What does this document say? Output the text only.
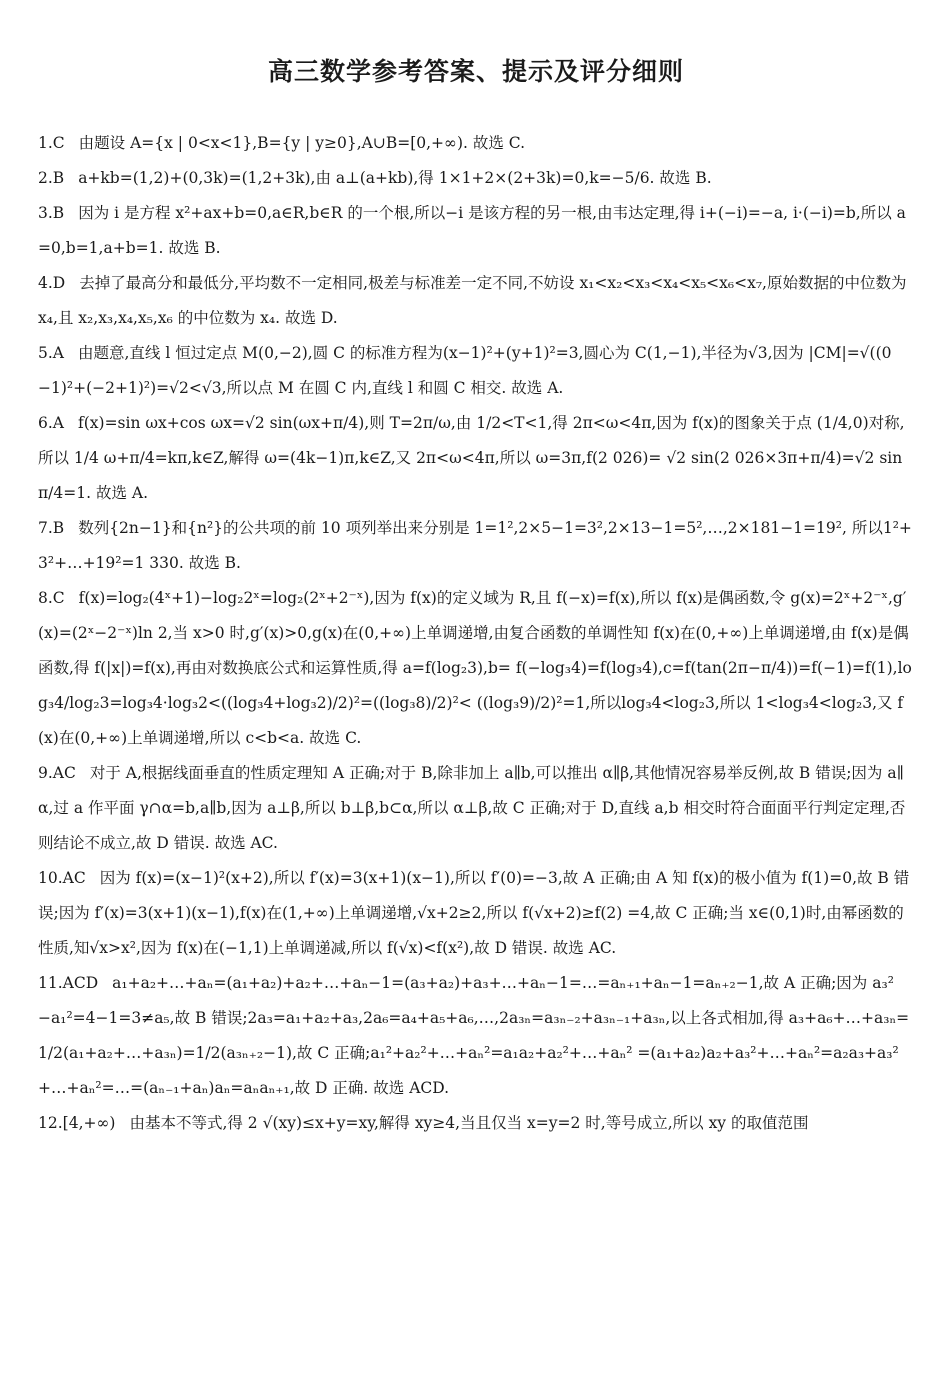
高三数学参考答案、提示及评分细则
1.C 由题设 A={x | 0<x<1},B={y | y≥0},A∪B=[0,+∞). 故选 C.
2.B a+kb=(1,2)+(0,3k)=(1,2+3k),由 a⊥(a+kb),得 1×1+2×(2+3k)=0,k=−5/6. 故选 B.
3.B 因为 i 是方程 x²+ax+b=0,a∈R,b∈R 的一个根,所以−i 是该方程的另一根,由韦达定理,得 i+(−i)=−a, i·(−i)=b,所以 a=0,b=1,a+b=1. 故选 B.
4.D 去掉了最高分和最低分,平均数不一定相同,极差与标准差一定不同,不妨设 x₁<x₂<x₃<x₄<x₅<x₆<x₇,原始数据的中位数为 x₄,且 x₂,x₃,x₄,x₅,x₆ 的中位数为 x₄. 故选 D.
5.A 由题意,直线 l 恒过定点 M(0,−2),圆 C 的标准方程为(x−1)²+(y+1)²=3,圆心为 C(1,−1),半径为√3,因为 |CM|=√((0−1)²+(−2+1)²)=√2<√3,所以点 M 在圆 C 内,直线 l 和圆 C 相交. 故选 A.
6.A f(x)=sin ωx+cos ωx=√2 sin(ωx+π/4),则 T=2π/ω,由 1/2<T<1,得 2π<ω<4π,因为 f(x)的图象关于点 (1/4,0)对称,所以 1/4 ω+π/4=kπ,k∈Z,解得 ω=(4k−1)π,k∈Z,又 2π<ω<4π,所以 ω=3π,f(2 026)= √2 sin(2 026×3π+π/4)=√2 sin π/4=1. 故选 A.
7.B 数列{2n−1}和{n²}的公共项的前 10 项列举出来分别是 1=1²,2×5−1=3²,2×13−1=5²,…,2×181−1=19², 所以1²+3²+…+19²=1 330. 故选 B.
8.C f(x)=log₂(4ˣ+1)−log₂2ˣ=log₂(2ˣ+2⁻ˣ),因为 f(x)的定义域为 R,且 f(−x)=f(x),所以 f(x)是偶函数,令 g(x)=2ˣ+2⁻ˣ,g′(x)=(2ˣ−2⁻ˣ)ln 2,当 x>0 时,g′(x)>0,g(x)在(0,+∞)上单调递增,由复合函数的单调性知 f(x)在(0,+∞)上单调递增,由 f(x)是偶函数,得 f(|x|)=f(x),再由对数换底公式和运算性质,得 a=f(log₂3),b= f(−log₃4)=f(log₃4),c=f(tan(2π−π/4))=f(−1)=f(1),log₃4/log₂3=log₃4·log₃2<((log₃4+log₃2)/2)²=((log₃8)/2)²< ((log₃9)/2)²=1,所以log₃4<log₂3,所以 1<log₃4<log₂3,又 f(x)在(0,+∞)上单调递增,所以 c<b<a. 故选 C.
9.AC 对于 A,根据线面垂直的性质定理知 A 正确;对于 B,除非加上 a∥b,可以推出 α∥β,其他情况容易举反例,故 B 错误;因为 a∥α,过 a 作平面 γ∩α=b,a∥b,因为 a⊥β,所以 b⊥β,b⊂α,所以 α⊥β,故 C 正确;对于 D,直线 a,b 相交时符合面面平行判定定理,否则结论不成立,故 D 错误. 故选 AC.
10.AC 因为 f(x)=(x−1)²(x+2),所以 f′(x)=3(x+1)(x−1),所以 f′(0)=−3,故 A 正确;由 A 知 f(x)的极小值为 f(1)=0,故 B 错误;因为 f′(x)=3(x+1)(x−1),f(x)在(1,+∞)上单调递增,√x+2≥2,所以 f(√x+2)≥f(2) =4,故 C 正确;当 x∈(0,1)时,由幂函数的性质,知√x>x²,因为 f(x)在(−1,1)上单调递减,所以 f(√x)<f(x²),故 D 错误. 故选 AC.
11.ACD a₁+a₂+…+aₙ=(a₁+a₂)+a₂+…+aₙ−1=(a₃+a₂)+a₃+…+aₙ−1=…=aₙ₊₁+aₙ−1=aₙ₊₂−1,故 A 正确;因为 a₃²−a₁²=4−1=3≠a₅,故 B 错误;2a₃=a₁+a₂+a₃,2a₆=a₄+a₅+a₆,…,2a₃ₙ=a₃ₙ₋₂+a₃ₙ₋₁+a₃ₙ,以上各式相加,得 a₃+a₆+…+a₃ₙ=1/2(a₁+a₂+…+a₃ₙ)=1/2(a₃ₙ₊₂−1),故 C 正确;a₁²+a₂²+…+aₙ²=a₁a₂+a₂²+…+aₙ² =(a₁+a₂)a₂+a₃²+…+aₙ²=a₂a₃+a₃²+…+aₙ²=…=(aₙ₋₁+aₙ)aₙ=aₙaₙ₊₁,故 D 正确. 故选 ACD.
12.[4,+∞) 由基本不等式,得 2 √(xy)≤x+y=xy,解得 xy≥4,当且仅当 x=y=2 时,等号成立,所以 xy 的取值范围
